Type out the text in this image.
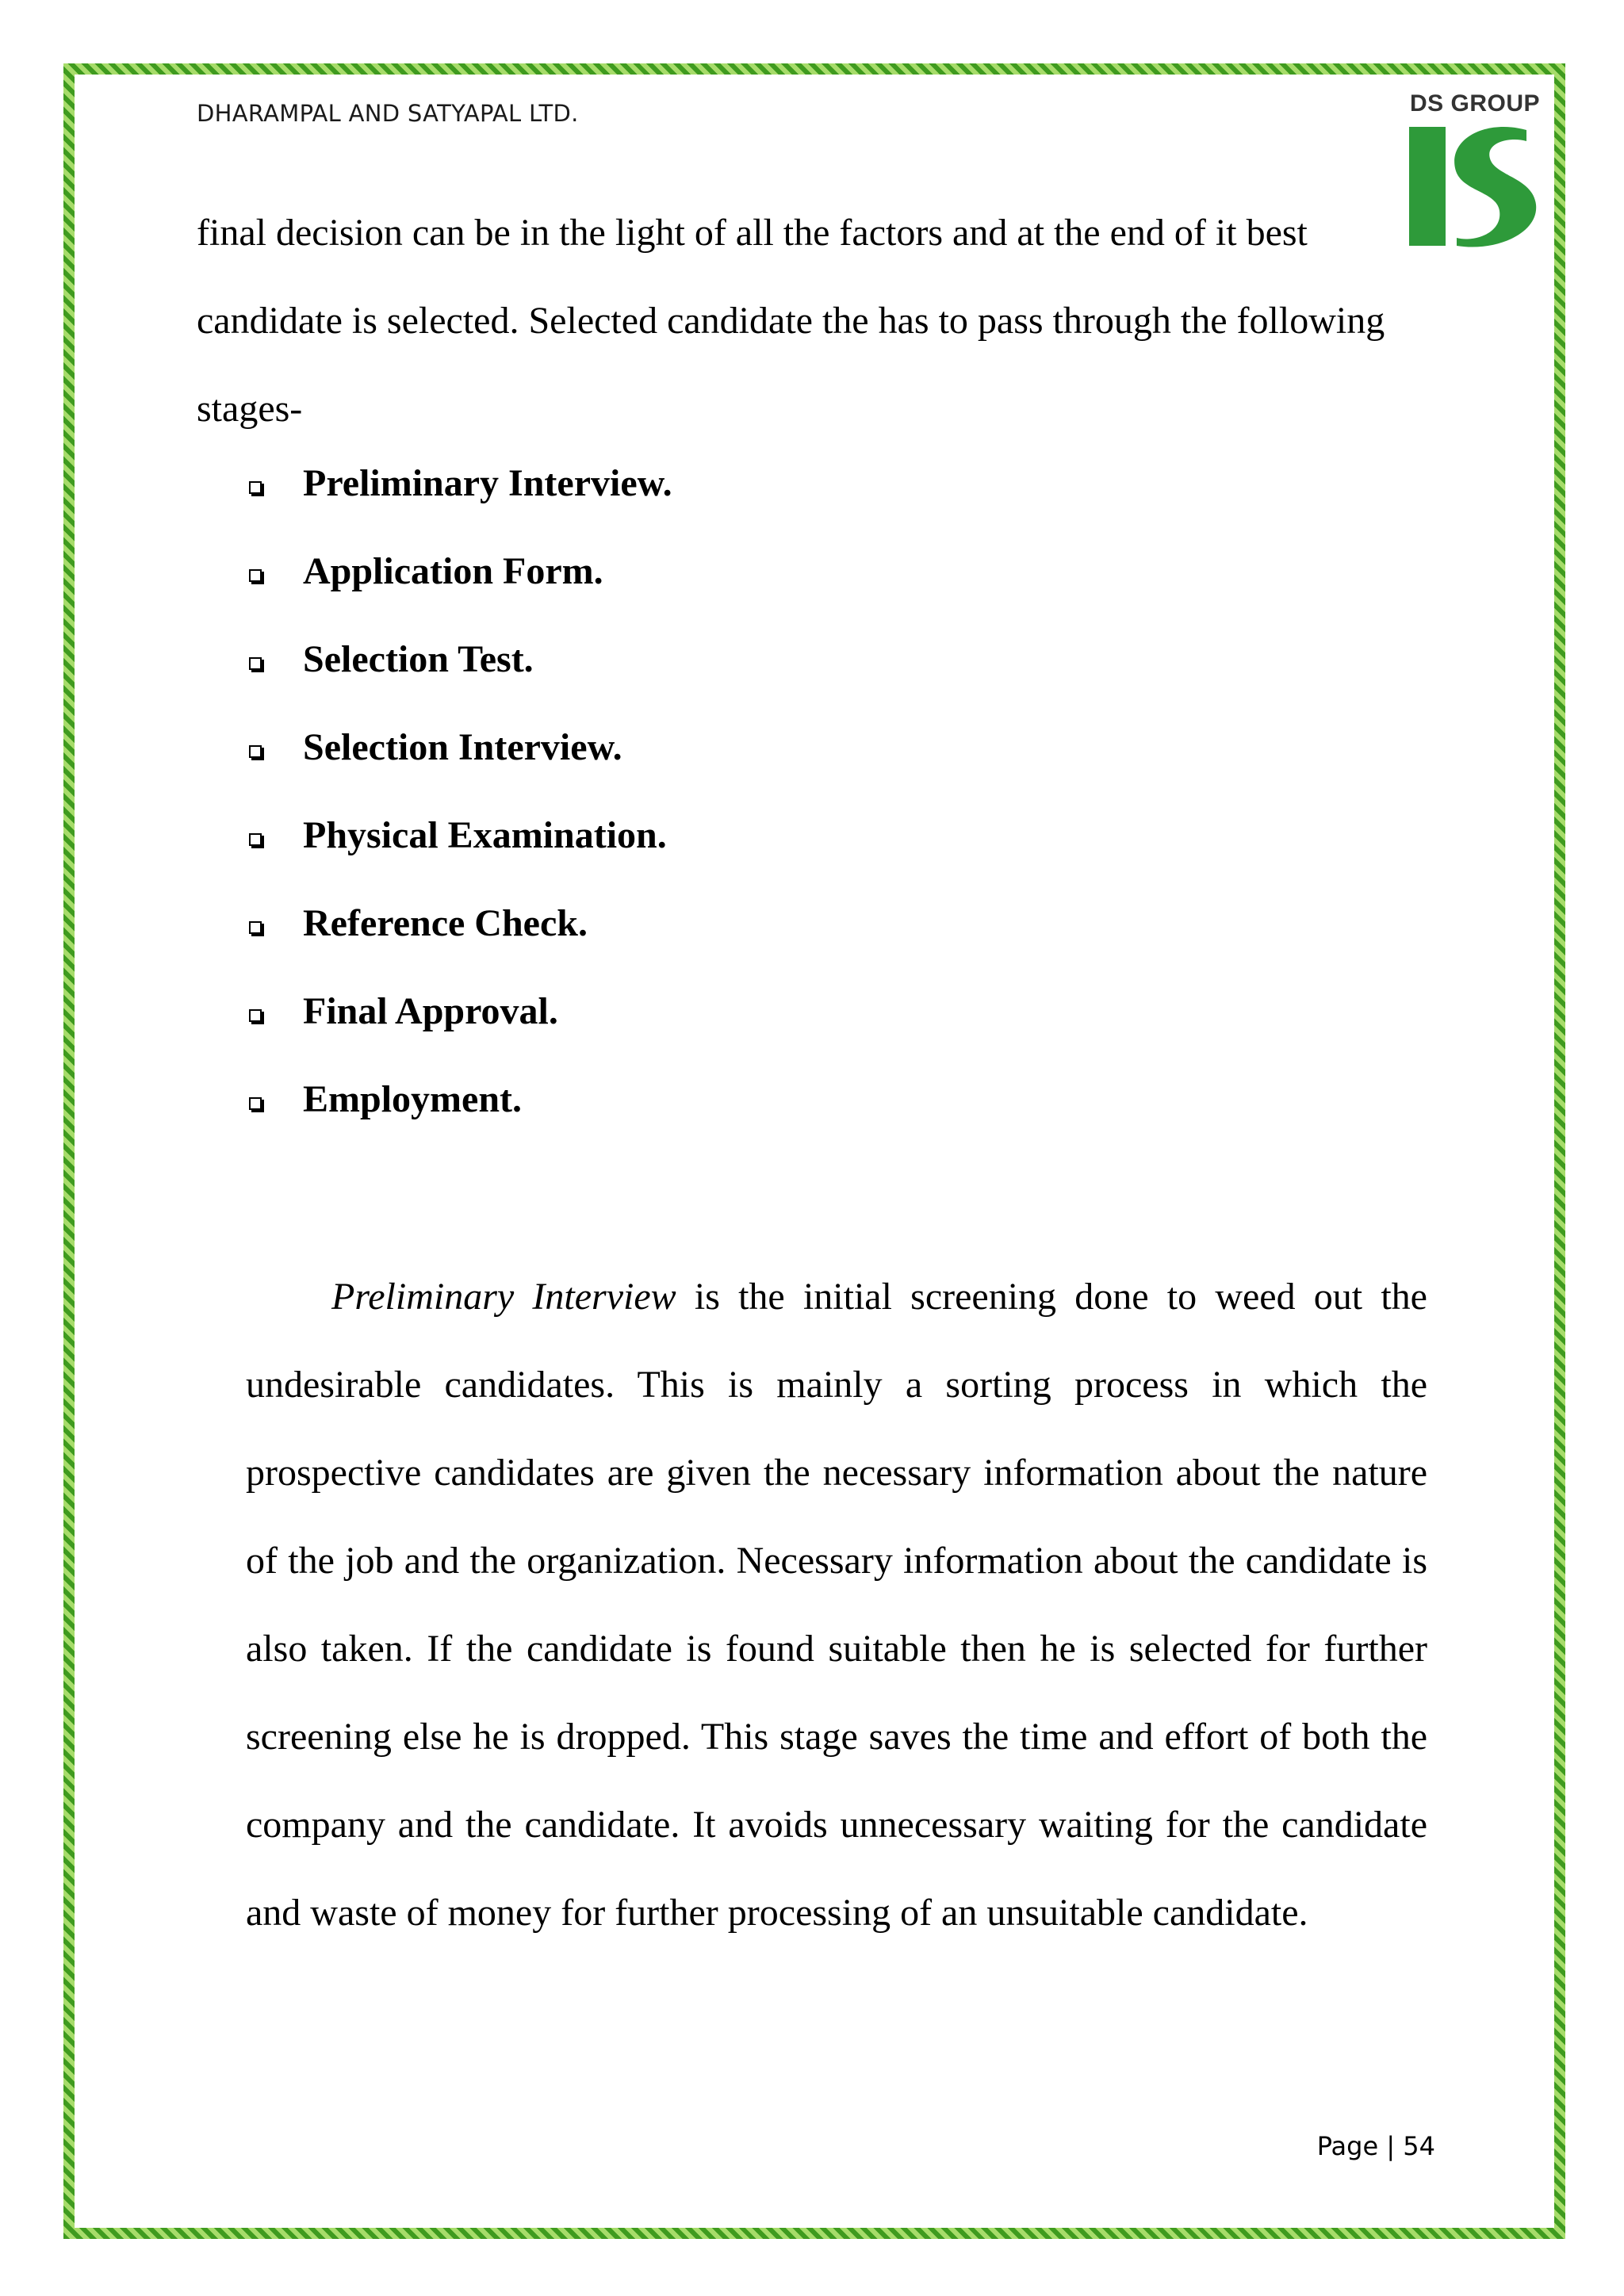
DHARAMPAL AND SATYAPAL LTD.	DS GROUP

final decision can be in the light of all the factors and at the end of it best
candidate is selected. Selected candidate the has to pass through the following
stages-

Preliminary Interview.
Application Form.
Selection Test.
Selection Interview.
Physical Examination.
Reference Check.
Final Approval.
Employment.

Preliminary Interview is the initial screening done to weed out the undesirable candidates. This is mainly a sorting process in which the prospective candidates are given the necessary information about the nature of the job and the organization. Necessary information about the candidate is also taken. If the candidate is found suitable then he is selected for further screening else he is dropped. This stage saves the time and effort of both the company and the candidate. It avoids unnecessary waiting for the candidate and waste of money for further processing of an unsuitable candidate.

Page | 54
